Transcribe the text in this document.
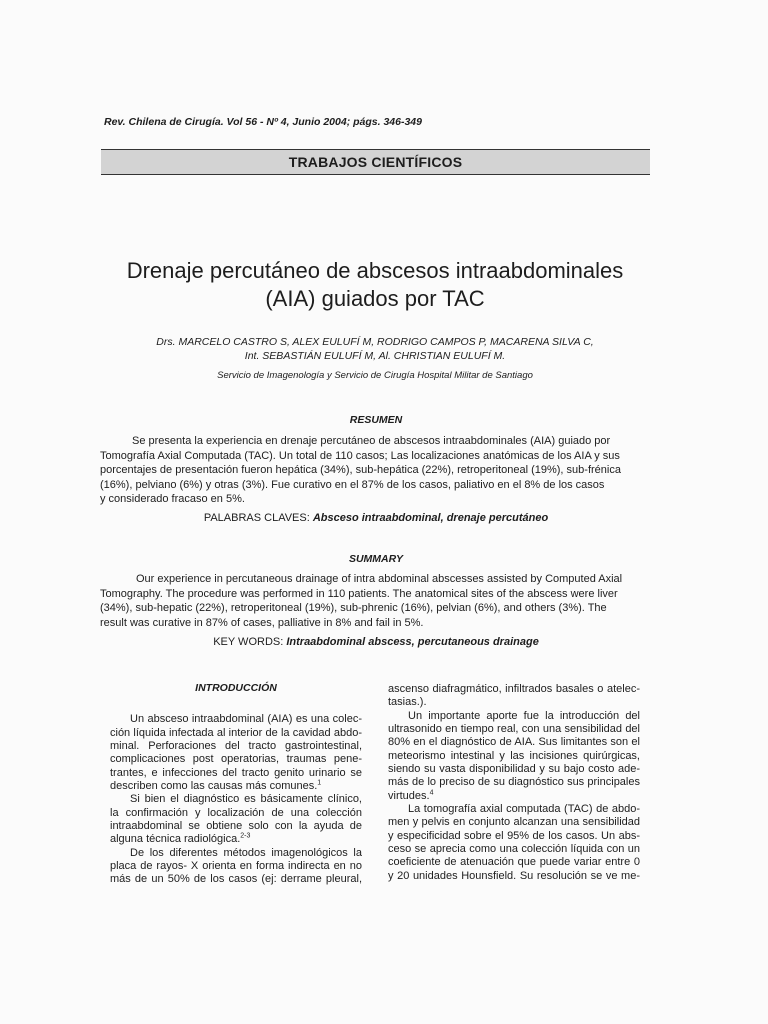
Rev. Chilena de Cirugía. Vol 56 - Nº 4, Junio 2004; págs. 346-349
TRABAJOS CIENTÍFICOS
Drenaje percutáneo de abscesos intraabdominales
(AIA) guiados por TAC
Drs. MARCELO CASTRO S, ALEX EULUFÍ M, RODRIGO CAMPOS P, MACARENA SILVA C,
Int. SEBASTIÁN EULUFÍ M, Al. CHRISTIAN EULUFÍ M.
Servicio de Imagenología y Servicio de Cirugía Hospital Militar de Santiago
RESUMEN
Se presenta la experiencia en drenaje percutáneo de abscesos intraabdominales (AIA) guiado por
Tomografía Axial Computada (TAC). Un total de 110 casos; Las localizaciones anatómicas de los AIA y sus
porcentajes de presentación fueron hepática (34%), sub-hepática (22%), retroperitoneal (19%), sub-frénica
(16%), pelviano (6%) y otras (3%). Fue curativo en el 87% de los casos, paliativo en el 8% de los casos
y considerado fracaso en 5%.
PALABRAS CLAVES: Absceso intraabdominal, drenaje percutáneo
SUMMARY
Our experience in percutaneous drainage of intra abdominal abscesses assisted by Computed Axial
Tomography. The procedure was performed in 110 patients. The anatomical sites of the abscess were liver
(34%), sub-hepatic (22%), retroperitoneal (19%), sub-phrenic (16%), pelvian (6%), and others (3%). The
result was curative in 87% of cases, palliative in 8% and fail in 5%.
KEY WORDS: Intraabdominal abscess, percutaneous drainage
INTRODUCCIÓN
Un absceso intraabdominal (AIA) es una colec-
ción líquida infectada al interior de la cavidad abdo-
minal. Perforaciones del tracto gastrointestinal,
complicaciones post operatorias, traumas pene-
trantes, e infecciones del tracto genito urinario se
describen como las causas más comunes.$^1$
Si bien el diagnóstico es básicamente clínico,
la confirmación y localización de una colección
intraabdominal se obtiene solo con la ayuda de
alguna técnica radiológica.$^{2-3}$
De los diferentes métodos imagenológicos la
placa de rayos- X orienta en forma indirecta en no
más de un 50% de los casos (ej: derrame pleural,
ascenso diafragmático, infiltrados basales o atelec-
tasias.).
Un importante aporte fue la introducción del
ultrasonido en tiempo real, con una sensibilidad del
80% en el diagnóstico de AIA. Sus limitantes son el
meteorismo intestinal y las incisiones quirúrgicas,
siendo su vasta disponibilidad y su bajo costo ade-
más de lo preciso de su diagnóstico sus principales
virtudes.$^4$
La tomografía axial computada (TAC) de abdo-
men y pelvis en conjunto alcanzan una sensibilidad
y especificidad sobre el 95% de los casos. Un abs-
ceso se aprecia como una colección líquida con un
coeficiente de atenuación que puede variar entre 0
y 20 unidades Hounsfield. Su resolución se ve me-
